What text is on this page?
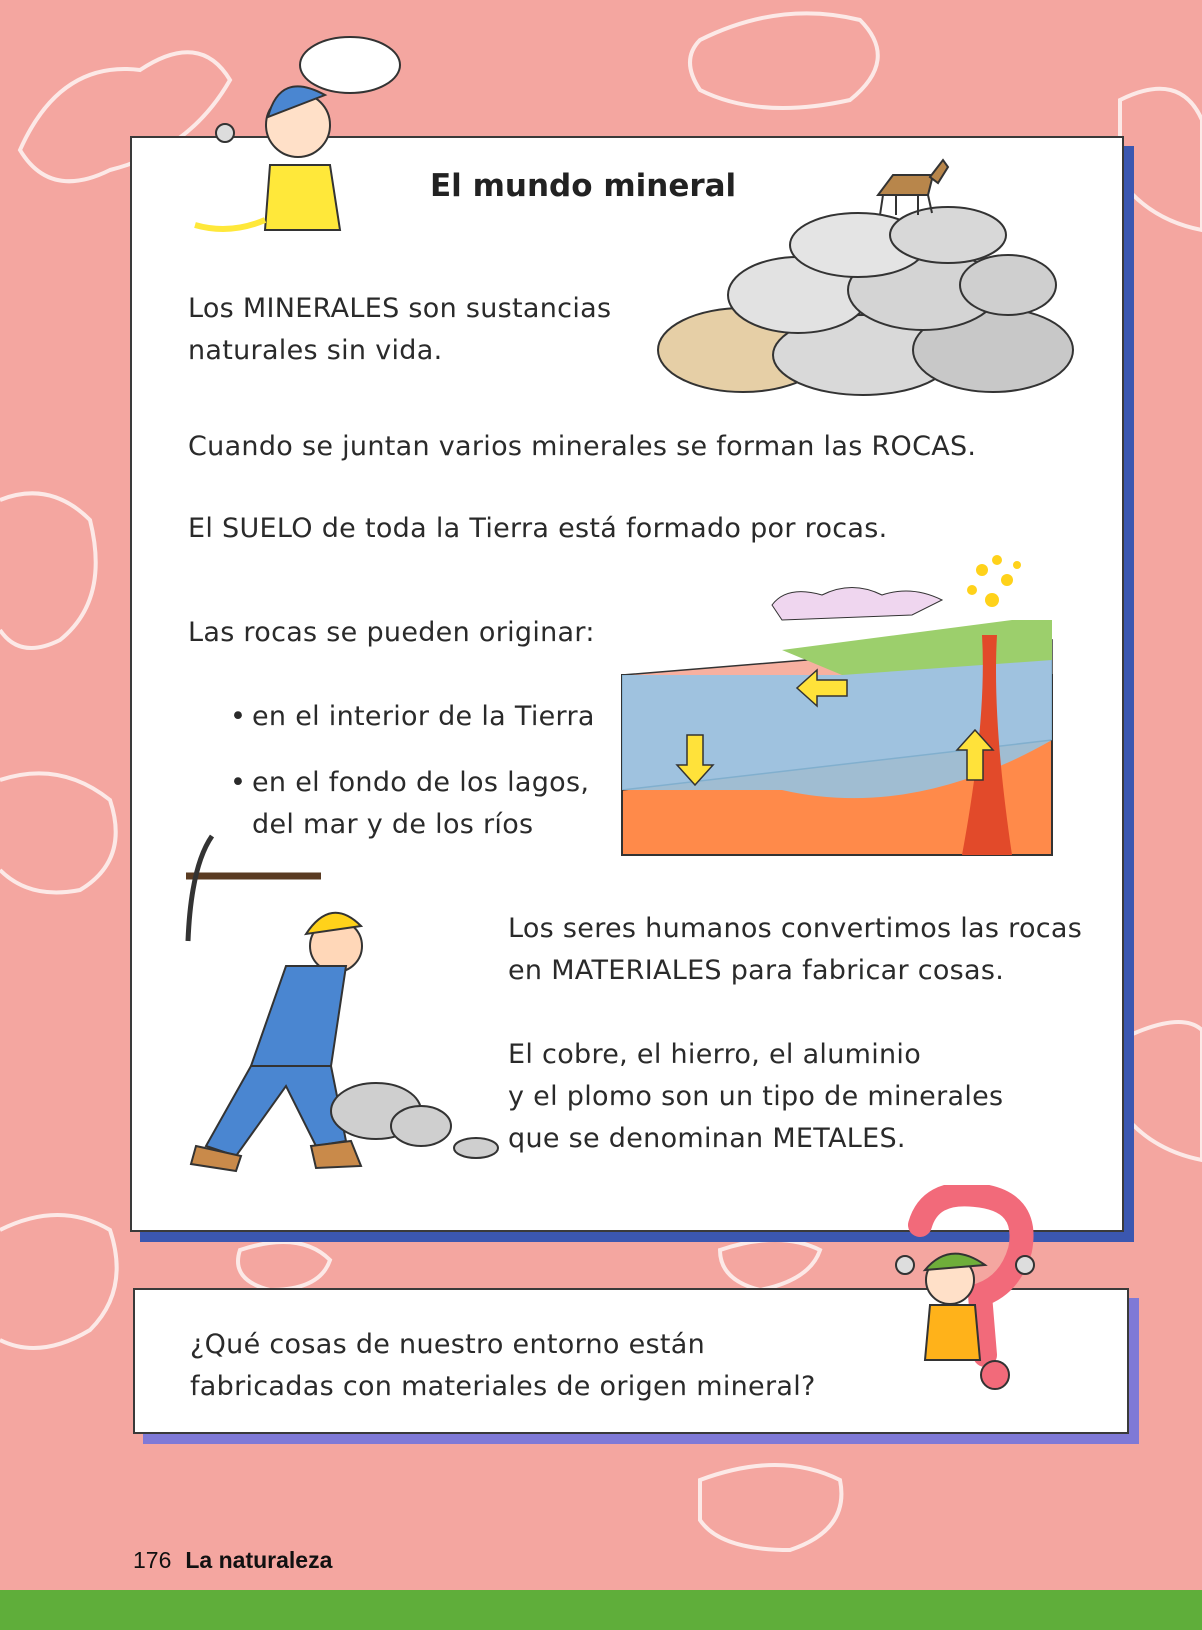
El mundo mineral
Los MINERALES son sustancias
naturales sin vida.
Cuando se juntan varios minerales se forman las ROCAS.
El SUELO de toda la Tierra está formado por rocas.
Las rocas se pueden originar:
• en el interior de la Tierra
• en el fondo de los lagos,
del mar y de los ríos
Los seres humanos convertimos las rocas
en MATERIALES para fabricar cosas.
El cobre, el hierro, el aluminio
y el plomo son un tipo de minerales
que se denominan METALES.
¿Qué cosas de nuestro entorno están
fabricadas con materiales de origen mineral?
176 La naturaleza
